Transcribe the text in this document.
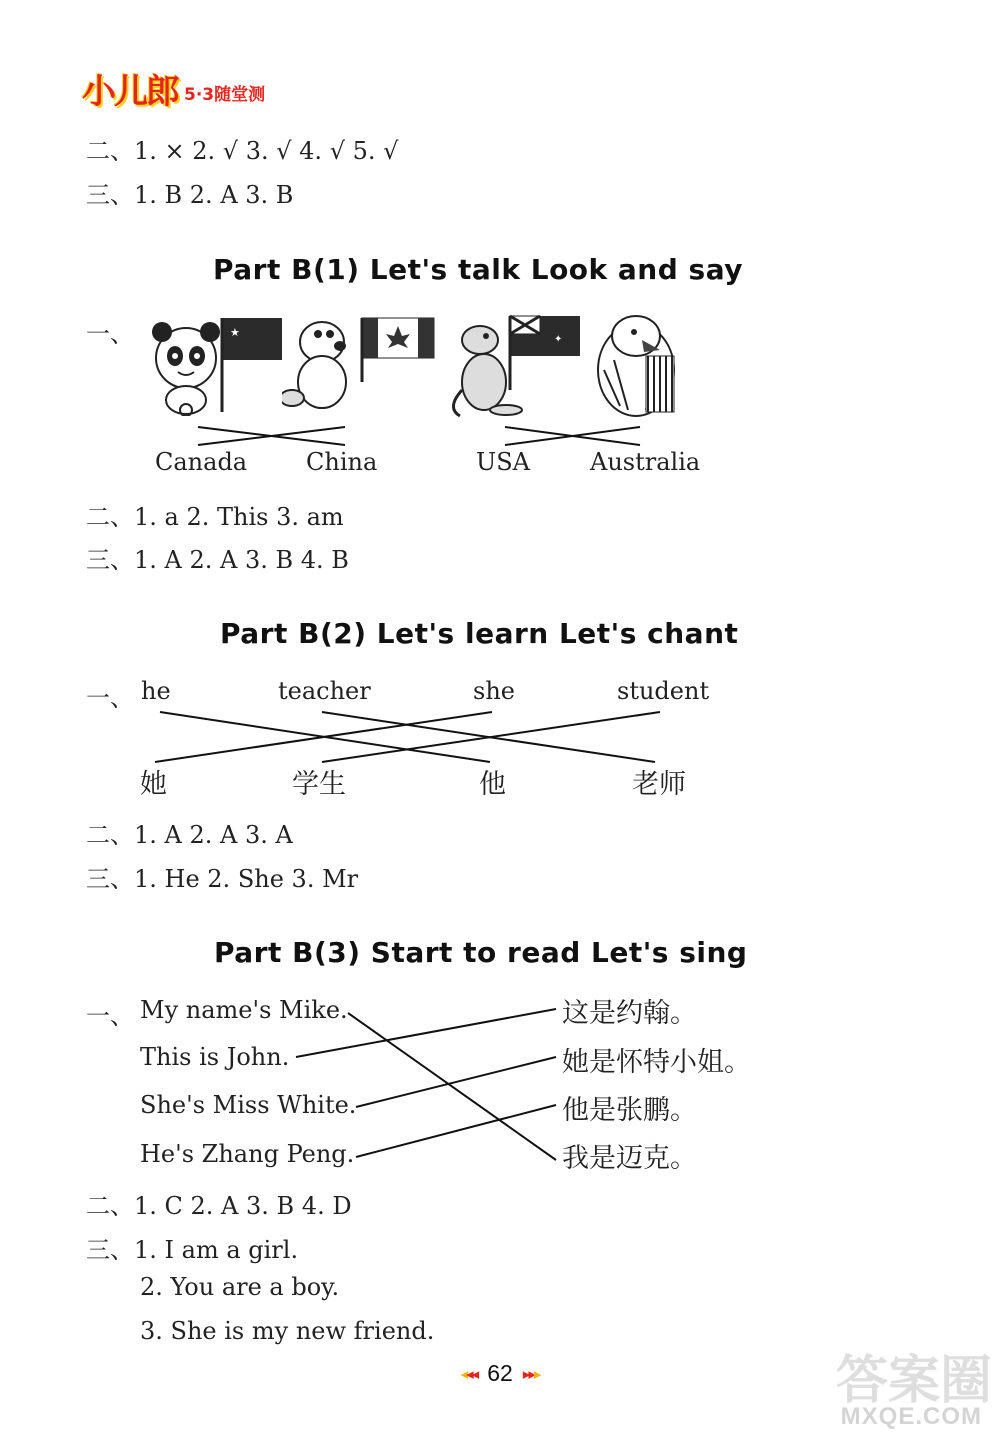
小儿郎 5·3随堂测
二、1. × 2. √ 3. √ 4. √ 5. √
三、1. B 2. A 3. B
Part B(1) Let's talk Look and say
一、	★
✦
Canada China	USA	Australia
二、1. a 2. This 3. am
三、1. A 2. A 3. B 4. B
Part B(2) Let's learn Let's chant
一、 he	teacher	she	student
她	学生	他	老师
二、1. A 2. A 3. A
三、1. He 2. She 3. Mr
Part B(3) Start to read Let's sing
一、 My name's Mike.
This is John.
She's Miss White.
He's Zhang Peng.
这是约翰。
她是怀特小姐。
他是张鹏。
我是迈克。
二、1. C 2. A 3. B 4. D
三、1. I am a girl.
2. You are a boy.
3. She is my new friend.
◂◂◂ 62 ▸▸▸	答案圈
MXQE.COM
